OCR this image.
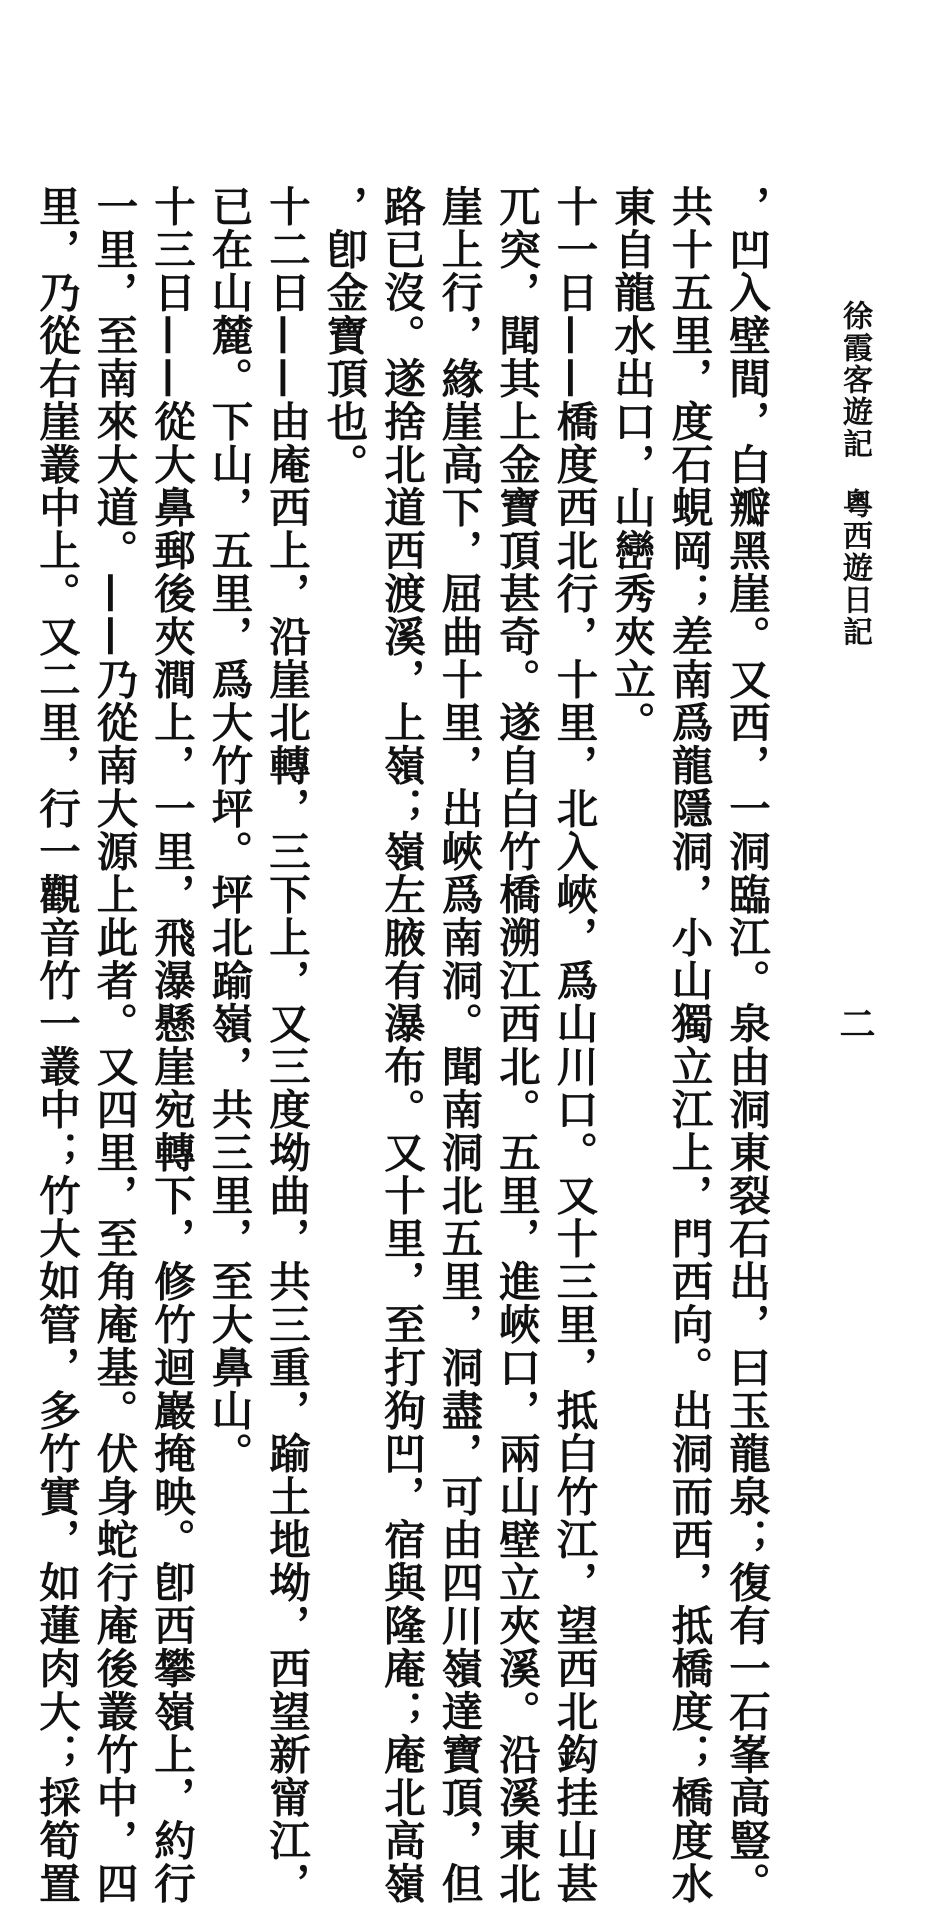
徐霞客遊記粵西遊日記
二
，凹入壁間，白瓣黑崖。又西，一洞臨江。泉由洞東裂石出，曰玉龍泉；復有一石峯高豎。
共十五里，度石蜆岡；差南爲龍隱洞，小山獨立江上，門西向。出洞而西，抵橋度；橋度水
東自龍水出口，山巒秀夾立。
十一日——橋度西北行，十里，北入峽，爲山川口。又十三里，抵白竹江，望西北鈎挂山甚
兀突，聞其上金寶頂甚奇。遂自白竹橋溯江西北。五里，進峽口，兩山壁立夾溪。沿溪東北
崖上行，緣崖高下，屈曲十里，出峽爲南洞。聞南洞北五里，洞盡，可由四川嶺達寶頂，但
路已沒。遂捨北道西渡溪，上嶺；嶺左腋有瀑布。又十里，至打狗凹，宿與隆庵；庵北高嶺
，卽金寶頂也。
十二日——由庵西上，沿崖北轉，三下上，又三度坳曲，共三重，踰土地坳，西望新甯江，
已在山麓。下山，五里，爲大竹坪。坪北踰嶺，共三里，至大鼻山。
十三日——從大鼻郵後夾澗上，一里，飛瀑懸崖宛轉下，修竹迴巖掩映。卽西攀嶺上，約行
一里，至南來大道。——乃從南大源上此者。又四里，至角庵基。伏身蛇行庵後叢竹中，四
里，乃從右崖叢中上。又二里，行一觀音竹一叢中；竹大如管，多竹實，如蓮肉大；採筍置
